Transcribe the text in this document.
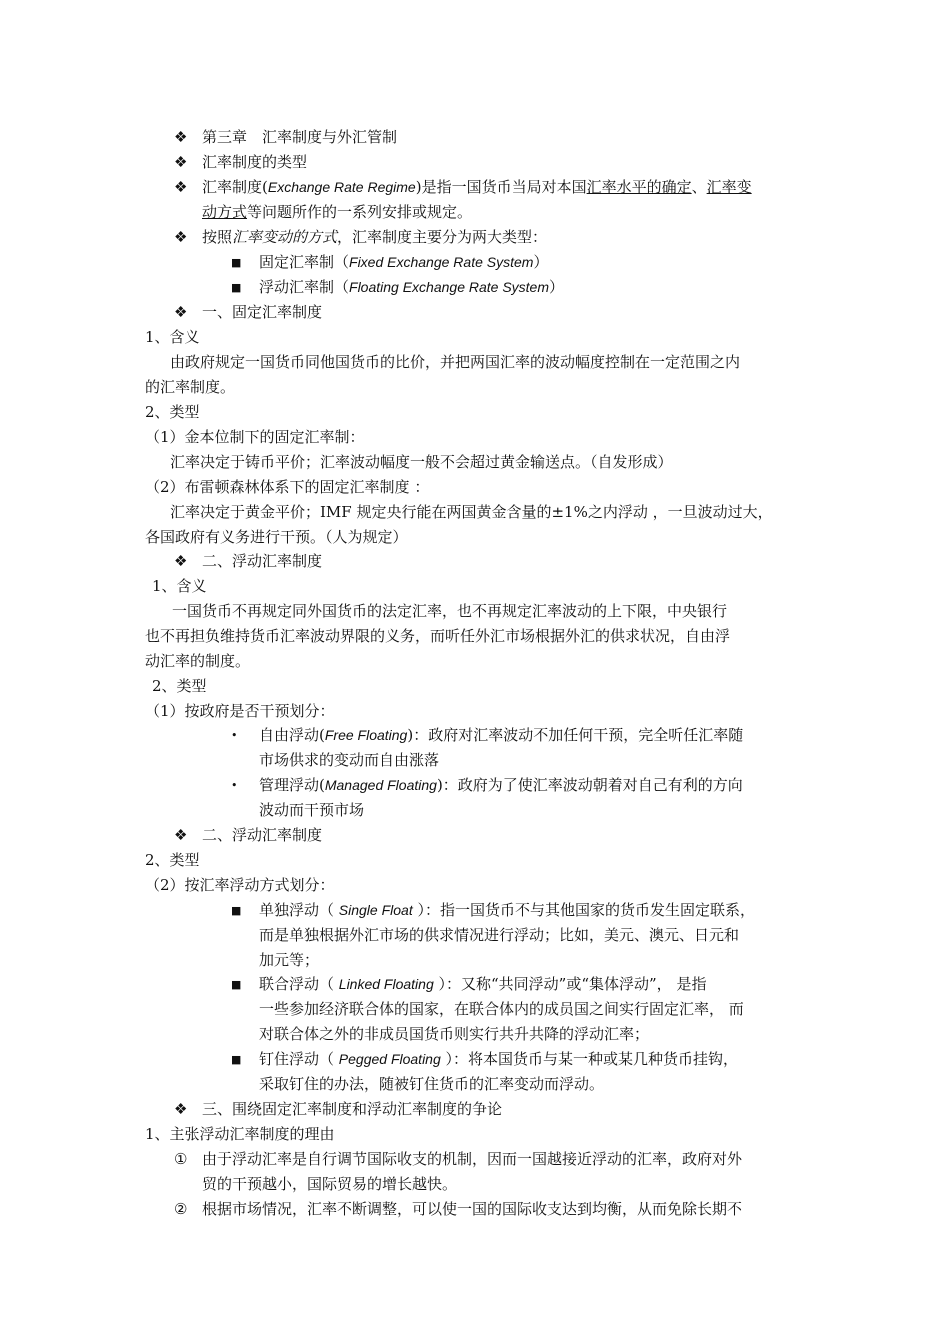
❖ 第三章　汇率制度与外汇管制
❖ 汇率制度的类型
❖ 汇率制度(Exchange Rate Regime)是指一国货币当局对本国汇率水平的确定、汇率变
动方式等问题所作的一系列安排或规定。
❖ 按照汇率变动的方式，汇率制度主要分为两大类型：
■ 固定汇率制（Fixed Exchange Rate System）
■ 浮动汇率制（Floating Exchange Rate System）
❖ 一、固定汇率制度
1、含义
由政府规定一国货币同他国货币的比价，并把两国汇率的波动幅度控制在一定范围之内
的汇率制度。
2、类型
（1）金本位制下的固定汇率制：
汇率决定于铸币平价；汇率波动幅度一般不会超过黄金输送点。（自发形成）
（2）布雷顿森林体系下的固定汇率制度 ：
汇率决定于黄金平价；IMF 规定央行能在两国黄金含量的±1%之内浮动 ，一旦波动过大，
各国政府有义务进行干预。（人为规定）
❖ 二、浮动汇率制度
1、含义
一国货币不再规定同外国货币的法定汇率，也不再规定汇率波动的上下限，中央银行
也不再担负维持货币汇率波动界限的义务，而听任外汇市场根据外汇的供求状况，自由浮
动汇率的制度。
2、类型
（1）按政府是否干预划分：
• 自由浮动(Free Floating)：政府对汇率波动不加任何干预，完全听任汇率随
市场供求的变动而自由涨落
• 管理浮动(Managed Floating)：政府为了使汇率波动朝着对自己有利的方向
波动而干预市场
❖ 二、浮动汇率制度
2、类型
（2）按汇率浮动方式划分：
■ 单独浮动（ Single Float ）：指一国货币不与其他国家的货币发生固定联系，
而是单独根据外汇市场的供求情况进行浮动；比如，美元、澳元、日元和
加元等；
■ 联合浮动（ Linked Floating ）：又称“共同浮动”或“集体浮动”， 是指
一些参加经济联合体的国家，在联合体内的成员国之间实行固定汇率， 而
对联合体之外的非成员国货币则实行共升共降的浮动汇率；
■ 钉住浮动（ Pegged Floating ）：将本国货币与某一种或某几种货币挂钩，
采取钉住的办法，随被钉住货币的汇率变动而浮动。
❖ 三、围绕固定汇率制度和浮动汇率制度的争论
1、主张浮动汇率制度的理由
① 由于浮动汇率是自行调节国际收支的机制，因而一国越接近浮动的汇率，政府对外
贸的干预越小，国际贸易的增长越快。
② 根据市场情况，汇率不断调整，可以使一国的国际收支达到均衡，从而免除长期不
